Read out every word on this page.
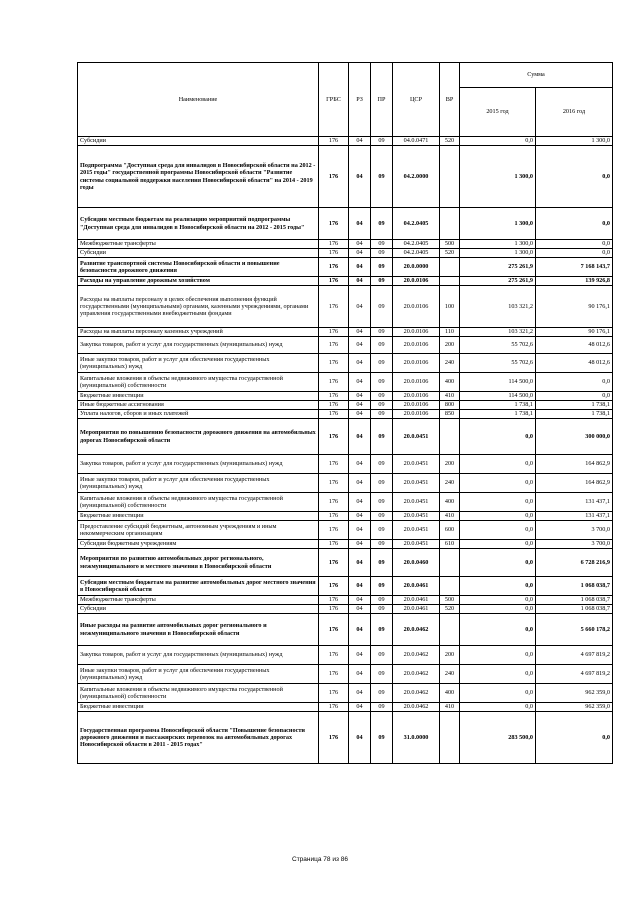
Наименование	ГРБС	РЗ	ПР	ЦСР	ВР	Сумма	
						2015 год	2016 год
Субсидии	176	04	09	04.0.0471	520	0,0	1 300,0
Подпрограмма "Доступная среда для инвалидов в Новосибирской области на 2012 - 2015 годы" государственной программы Новосибирской области "Развитие системы социальной поддержки населения Новосибирской области" на 2014 - 2019 годы	176	04	09	04.2.0000		1 300,0	0,0
Субсидии местным бюджетам на реализацию мероприятий подпрограммы "Доступная среда для инвалидов в Новосибирской области на 2012 - 2015 годы"	176	04	09	04.2.0405		1 300,0	0,0
Межбюджетные трансферты	176	04	09	04.2.0405	500	1 300,0	0,0
Субсидии	176	04	09	04.2.0405	520	1 300,0	0,0
Развитие транспортной системы Новосибирской области и повышение безопасности дорожного движения	176	04	09	20.0.0000		275 261,9	7 168 143,7
Расходы на управление дорожным хозяйством	176	04	09	20.0.0106		275 261,9	139 926,8
Расходы на выплаты персоналу в целях обеспечения выполнения функций государственными (муниципальными) органами, казенными учреждениями, органами управления государственными внебюджетными фондами	176	04	09	20.0.0106	100	103 321,2	90 176,1
Расходы на выплаты персоналу казенных учреждений	176	04	09	20.0.0106	110	103 321,2	90 176,1
Закупка товаров, работ и услуг для государственных (муниципальных) нужд	176	04	09	20.0.0106	200	55 702,6	48 012,6
Иные закупки товаров, работ и услуг для обеспечения государственных (муниципальных) нужд	176	04	09	20.0.0106	240	55 702,6	48 012,6
Капитальные вложения в объекты недвижимого имущества государственной (муниципальной) собственности	176	04	09	20.0.0106	400	114 500,0	0,0
Бюджетные инвестиции	176	04	09	20.0.0106	410	114 500,0	0,0
Иные бюджетные ассигнования	176	04	09	20.0.0106	800	1 738,1	1 738,1
Уплата налогов, сборов и иных платежей	176	04	09	20.0.0106	850	1 738,1	1 738,1
Мероприятия по повышению безопасности дорожного движения на автомобильных дорогах Новосибирской области	176	04	09	20.0.0451		0,0	300 000,0
Закупка товаров, работ и услуг для государственных (муниципальных) нужд	176	04	09	20.0.0451	200	0,0	164 862,9
Иные закупки товаров, работ и услуг для обеспечения государственных (муниципальных) нужд	176	04	09	20.0.0451	240	0,0	164 862,9
Капитальные вложения в объекты недвижимого имущества государственной (муниципальной) собственности	176	04	09	20.0.0451	400	0,0	131 437,1
Бюджетные инвестиции	176	04	09	20.0.0451	410	0,0	131 437,1
Предоставление субсидий бюджетным, автономным учреждениям и иным некоммерческим организациям	176	04	09	20.0.0451	600	0,0	3 700,0
Субсидии бюджетным учреждениям	176	04	09	20.0.0451	610	0,0	3 700,0
Мероприятия по развитию автомобильных дорог регионального, межмуниципального и местного значения в Новосибирской области	176	04	09	20.0.0460		0,0	6 728 216,9
Субсидии местным бюджетам на развитие автомобильных дорог местного значения в Новосибирской области	176	04	09	20.0.0461		0,0	1 068 038,7
Межбюджетные трансферты	176	04	09	20.0.0461	500	0,0	1 068 038,7
Субсидии	176	04	09	20.0.0461	520	0,0	1 068 038,7
Иные расходы на развитие автомобильных дорог регионального и межмуниципального значения в Новосибирской области	176	04	09	20.0.0462		0,0	5 660 178,2
Закупка товаров, работ и услуг для государственных (муниципальных) нужд	176	04	09	20.0.0462	200	0,0	4 697 819,2
Иные закупки товаров, работ и услуг для обеспечения государственных (муниципальных) нужд	176	04	09	20.0.0462	240	0,0	4 697 819,2
Капитальные вложения в объекты недвижимого имущества государственной (муниципальной) собственности	176	04	09	20.0.0462	400	0,0	962 359,0
Бюджетные инвестиции	176	04	09	20.0.0462	410	0,0	962 359,0
Государственная программа Новосибирской области "Повышение безопасности дорожного движения и пассажирских перевозок на автомобильных дорогах Новосибирской области в 2011 - 2015 годах"	176	04	09	31.0.0000		283 500,0	0,0
Страница 78 из 86
